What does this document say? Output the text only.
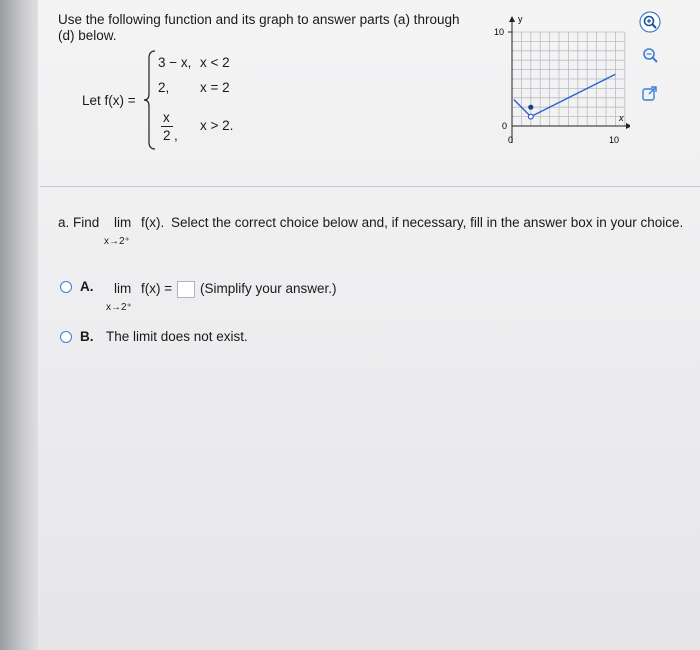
Use the following function and its graph to answer parts (a) through
(d) below.
Let f(x) =
3 − x, x < 2
2, x = 2
x
2 ,
x > 2.
y
x
10
0
0	10
a. Find lim f(x). Select the correct choice below and, if necessary, fill in the answer box in your choice.
x→2⁺
A. lim f(x) = (Simplify your answer.)
x→2⁺
B. The limit does not exist.
